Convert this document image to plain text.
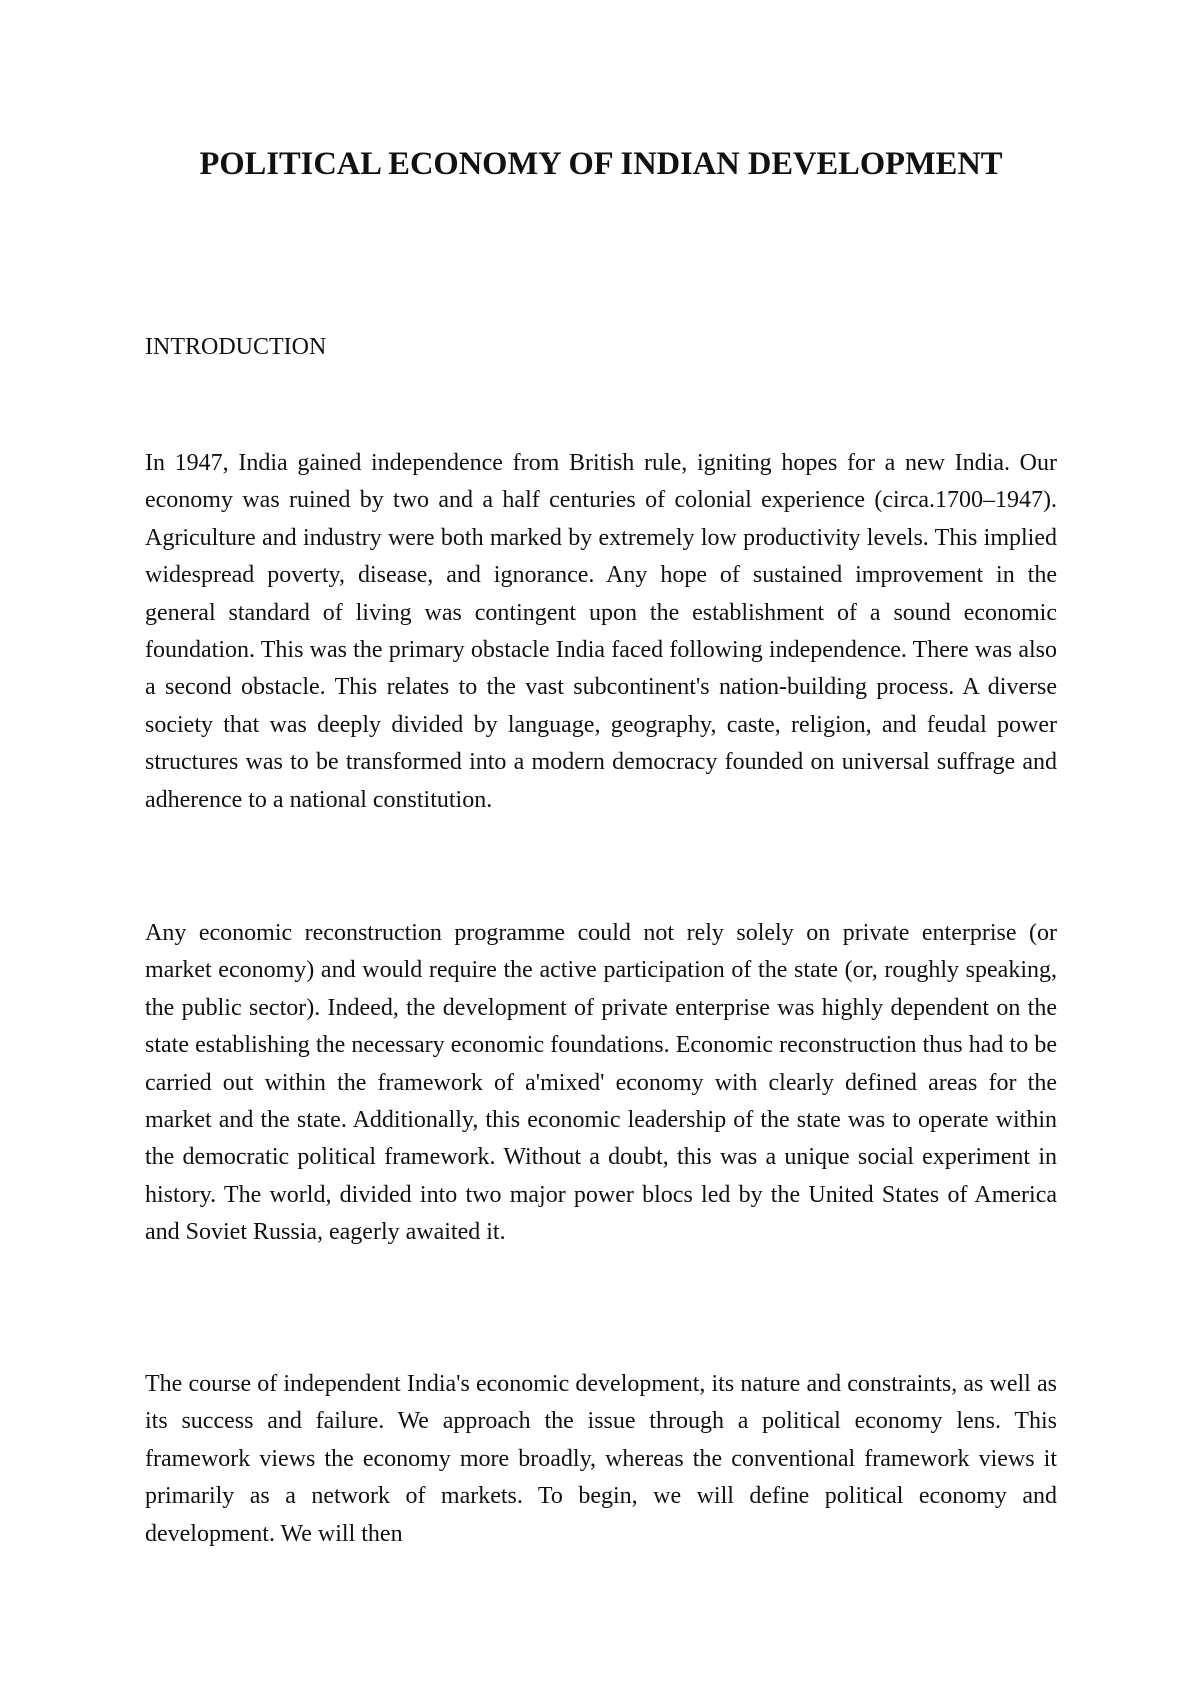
POLITICAL ECONOMY OF INDIAN DEVELOPMENT
INTRODUCTION

In 1947, India gained independence from British rule, igniting hopes for a new India. Our economy was ruined by two and a half centuries of colonial experience (circa.1700–1947). Agriculture and industry were both marked by extremely low productivity levels. This implied widespread poverty, disease, and ignorance. Any hope of sustained improvement in the general standard of living was contingent upon the establishment of a sound economic foundation. This was the primary obstacle India faced following independence. There was also a second obstacle. This relates to the vast subcontinent's nation-building process. A diverse society that was deeply divided by language, geography, caste, religion, and feudal power structures was to be transformed into a modern democracy founded on universal suffrage and adherence to a national constitution.

Any economic reconstruction programme could not rely solely on private enterprise (or market economy) and would require the active participation of the state (or, roughly speaking, the public sector). Indeed, the development of private enterprise was highly dependent on the state establishing the necessary economic foundations. Economic reconstruction thus had to be carried out within the framework of a'mixed' economy with clearly defined areas for the market and the state. Additionally, this economic leadership of the state was to operate within the democratic political framework. Without a doubt, this was a unique social experiment in history. The world, divided into two major power blocs led by the United States of America and Soviet Russia, eagerly awaited it.

The course of independent India's economic development, its nature and constraints, as well as its success and failure. We approach the issue through a political economy lens. This framework views the economy more broadly, whereas the conventional framework views it primarily as a network of markets. To begin, we will define political economy and development. We will then
